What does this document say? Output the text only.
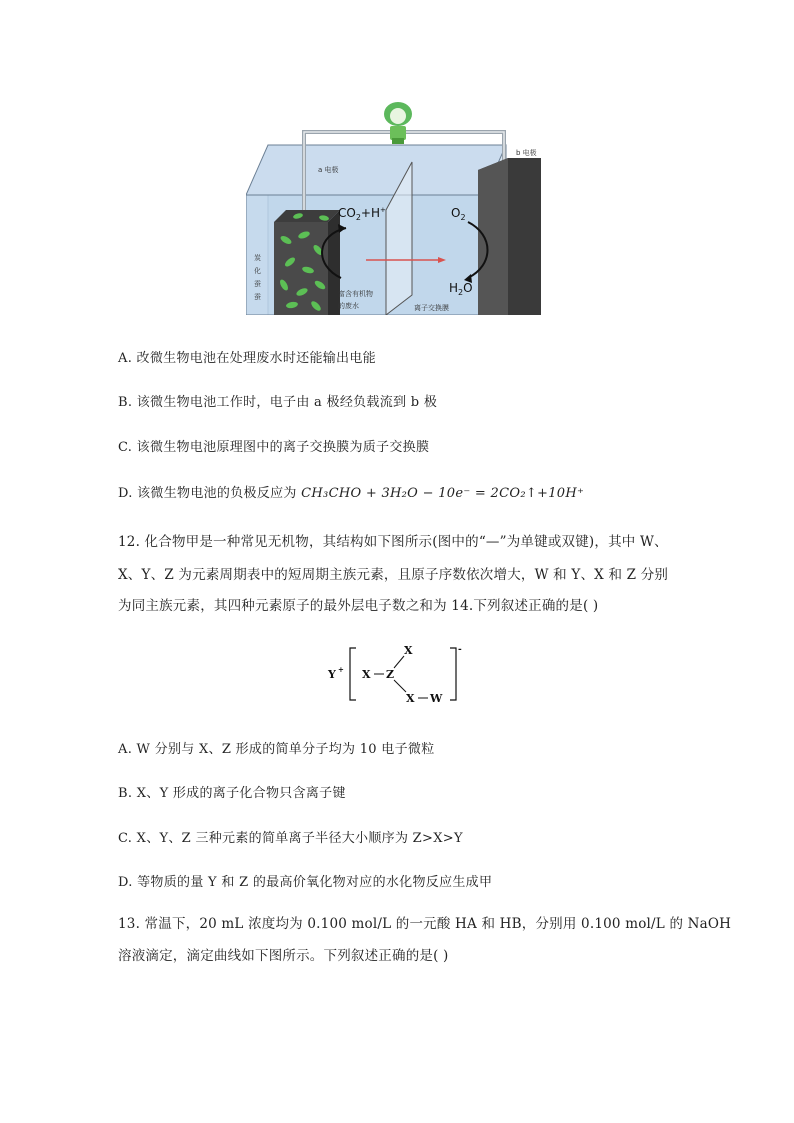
a 电极
b 电极
$CO_2+H^+$	$O_2$
$H_2O$
炭
化
蚕
蚕	富含有机物
的废水	离子交换膜
A. 改微生物电池在处理废水时还能输出电能
B. 该微生物电池工作时，电子由 a 极经负载流到 b 极
C. 该微生物电池原理图中的离子交换膜为质子交换膜
D. 该微生物电池的负极反应为 CH₃CHO + 3H₂O − 10e⁻ = 2CO₂↑+10H⁺
12. 化合物甲是一种常见无机物，其结构如下图所示(图中的“—”为单键或双键)，其中 W、
X、Y、Z 为元素周期表中的短周期主族元素，且原子序数依次增大，W 和 Y、X 和 Z 分别
为同主族元素，其四种元素原子的最外层电子数之和为 14.下列叙述正确的是( )
Y +
-
X Z
X
X W
A. W 分别与 X、Z 形成的简单分子均为 10 电子微粒
B. X、Y 形成的离子化合物只含离子键
C. X、Y、Z 三种元素的简单离子半径大小顺序为 Z>X>Y
D. 等物质的量 Y 和 Z 的最高价氧化物对应的水化物反应生成甲
13. 常温下，20 mL 浓度均为 0.100 mol/L 的一元酸 HA 和 HB，分别用 0.100 mol/L 的 NaOH
溶液滴定，滴定曲线如下图所示。下列叙述正确的是( )
